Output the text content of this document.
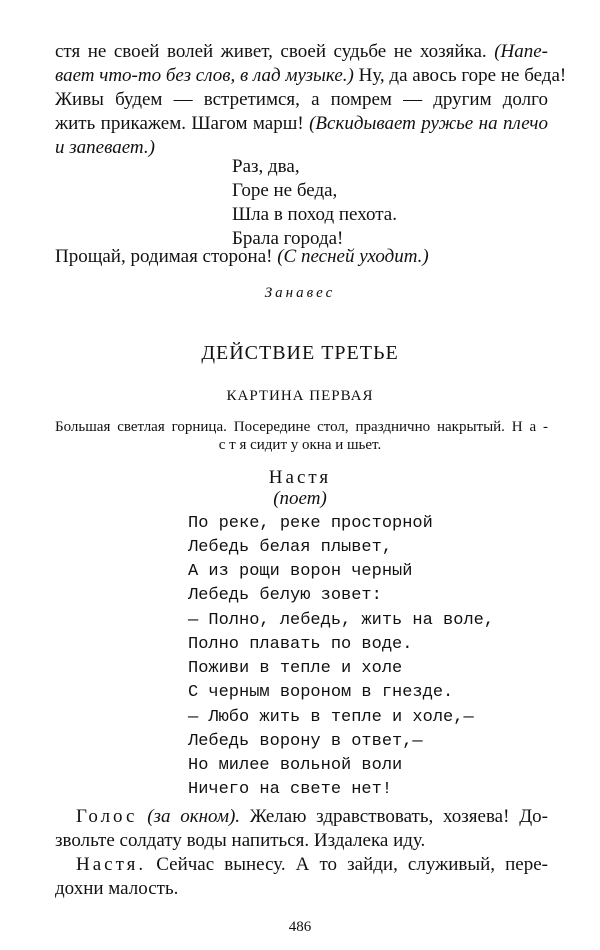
стя не своей волей живет, своей судьбе не хозяйка. (Напе-
вает что-то без слов, в лад музыке.) Ну, да авось горе не беда!
Живы будем — встретимся, а помрем — другим долго
жить прикажем. Шагом марш! (Вскидывает ружье на плечо
и запевает.)
Раз, два,
Горе не беда,
Шла в поход пехота.
Брала города!
Прощай, родимая сторона! (С песней уходит.)
Занавес
ДЕЙСТВИЕ ТРЕТЬЕ
КАРТИНА ПЕРВАЯ
Большая светлая горница. Посередине стол, празднично накрытый. Н а -
с т я сидит у окна и шьет.
Настя
(поет)
По реке, реке просторной
Лебедь белая плывет,
А из рощи ворон черный
Лебедь белую зовет:
— Полно, лебедь, жить на воле,
Полно плавать по воде.
Поживи в тепле и холе
С черным вороном в гнезде.
— Любо жить в тепле и холе,—
Лебедь ворону в ответ,—
Но милее вольной воли
Ничего на свете нет!
Голос (за окном). Желаю здравствовать, хозяева! До-
звольте солдату воды напиться. Издалека иду.
Настя. Сейчас вынесу. А то зайди, служивый, пере-
дохни малость.
486
